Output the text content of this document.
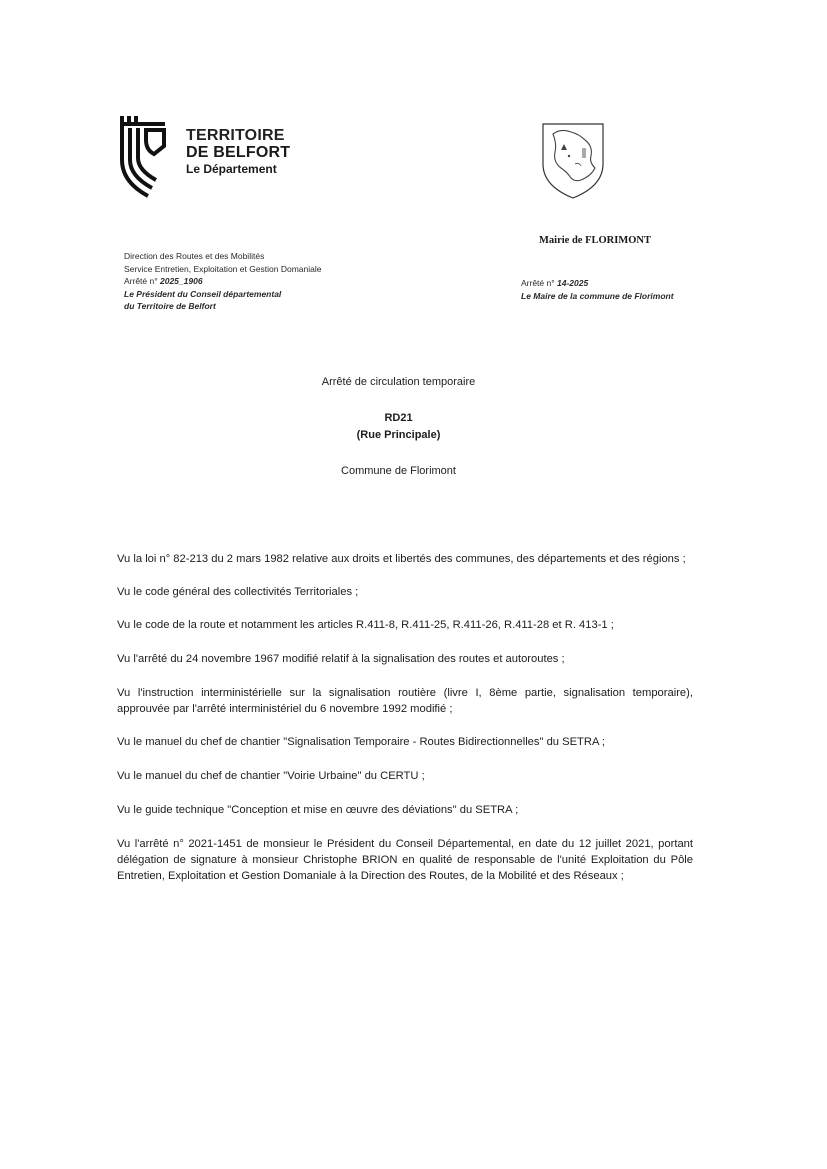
TERRITOIRE
DE BELFORT
Le Département
Direction des Routes et des Mobilités
Service Entretien, Exploitation et Gestion Domaniale
Arrêté n° 2025_1906
Le Président du Conseil départemental
du Territoire de Belfort
Mairie de FLORIMONT
Arrêté n° 14-2025
Le Maire de la commune de Florimont
Arrêté de circulation temporaire
RD21
(Rue Principale)
Commune de Florimont

Vu la loi n° 82-213 du 2 mars 1982 relative aux droits et libertés des communes, des départements et des régions ;

Vu le code général des collectivités Territoriales ;

Vu le code de la route et notamment les articles R.411-8, R.411-25, R.411-26, R.411-28 et R. 413-1 ;

Vu l'arrêté du 24 novembre 1967 modifié relatif à la signalisation des routes et autoroutes ;

Vu l'instruction interministérielle sur la signalisation routière (livre I, 8ème partie, signalisation temporaire), approuvée par l'arrêté interministériel du 6 novembre 1992 modifié ;

Vu le manuel du chef de chantier "Signalisation Temporaire - Routes Bidirectionnelles" du SETRA ;

Vu le manuel du chef de chantier "Voirie Urbaine" du CERTU ;

Vu le guide technique "Conception et mise en œuvre des déviations" du SETRA ;

Vu l'arrêté n° 2021-1451 de monsieur le Président du Conseil Départemental, en date du 12 juillet 2021, portant délégation de signature à monsieur Christophe BRION en qualité de responsable de l'unité Exploitation du Pôle Entretien, Exploitation et Gestion Domaniale à la Direction des Routes, de la Mobilité et des Réseaux ;
